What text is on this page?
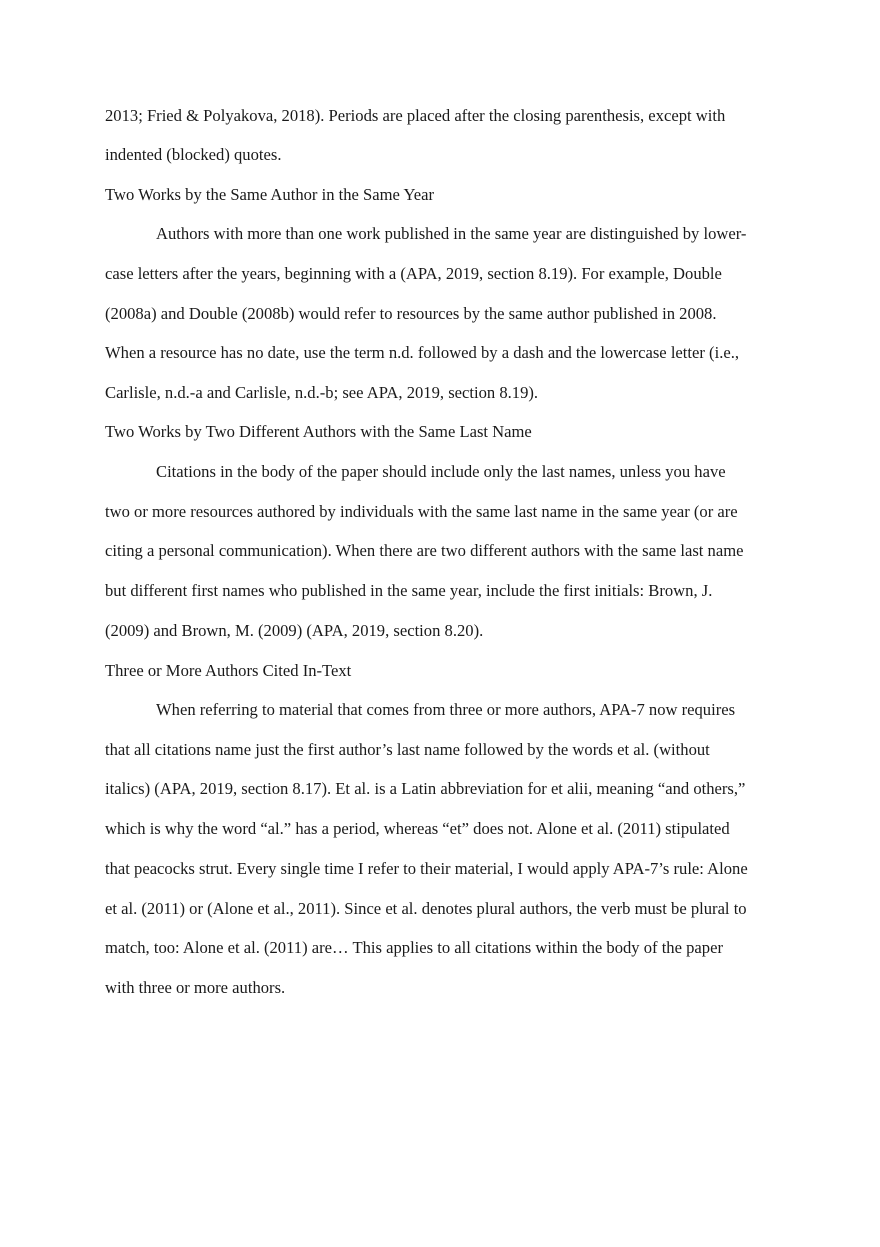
2013; Fried & Polyakova, 2018). Periods are placed after the closing parenthesis, except with

indented (blocked) quotes.

Two Works by the Same Author in the Same Year

Authors with more than one work published in the same year are distinguished by lower-

case letters after the years, beginning with a (APA, 2019, section 8.19). For example, Double

(2008a) and Double (2008b) would refer to resources by the same author published in 2008.

When a resource has no date, use the term n.d. followed by a dash and the lowercase letter (i.e.,

Carlisle, n.d.-a and Carlisle, n.d.-b; see APA, 2019, section 8.19).

Two Works by Two Different Authors with the Same Last Name

Citations in the body of the paper should include only the last names, unless you have

two or more resources authored by individuals with the same last name in the same year (or are

citing a personal communication). When there are two different authors with the same last name

but different first names who published in the same year, include the first initials: Brown, J.

(2009) and Brown, M. (2009) (APA, 2019, section 8.20).

Three or More Authors Cited In-Text

When referring to material that comes from three or more authors, APA-7 now requires

that all citations name just the first author’s last name followed by the words et al. (without

italics) (APA, 2019, section 8.17). Et al. is a Latin abbreviation for et alii, meaning “and others,”

which is why the word “al.” has a period, whereas “et” does not. Alone et al. (2011) stipulated

that peacocks strut. Every single time I refer to their material, I would apply APA-7’s rule: Alone

et al. (2011) or (Alone et al., 2011). Since et al. denotes plural authors, the verb must be plural to

match, too: Alone et al. (2011) are… This applies to all citations within the body of the paper

with three or more authors.
